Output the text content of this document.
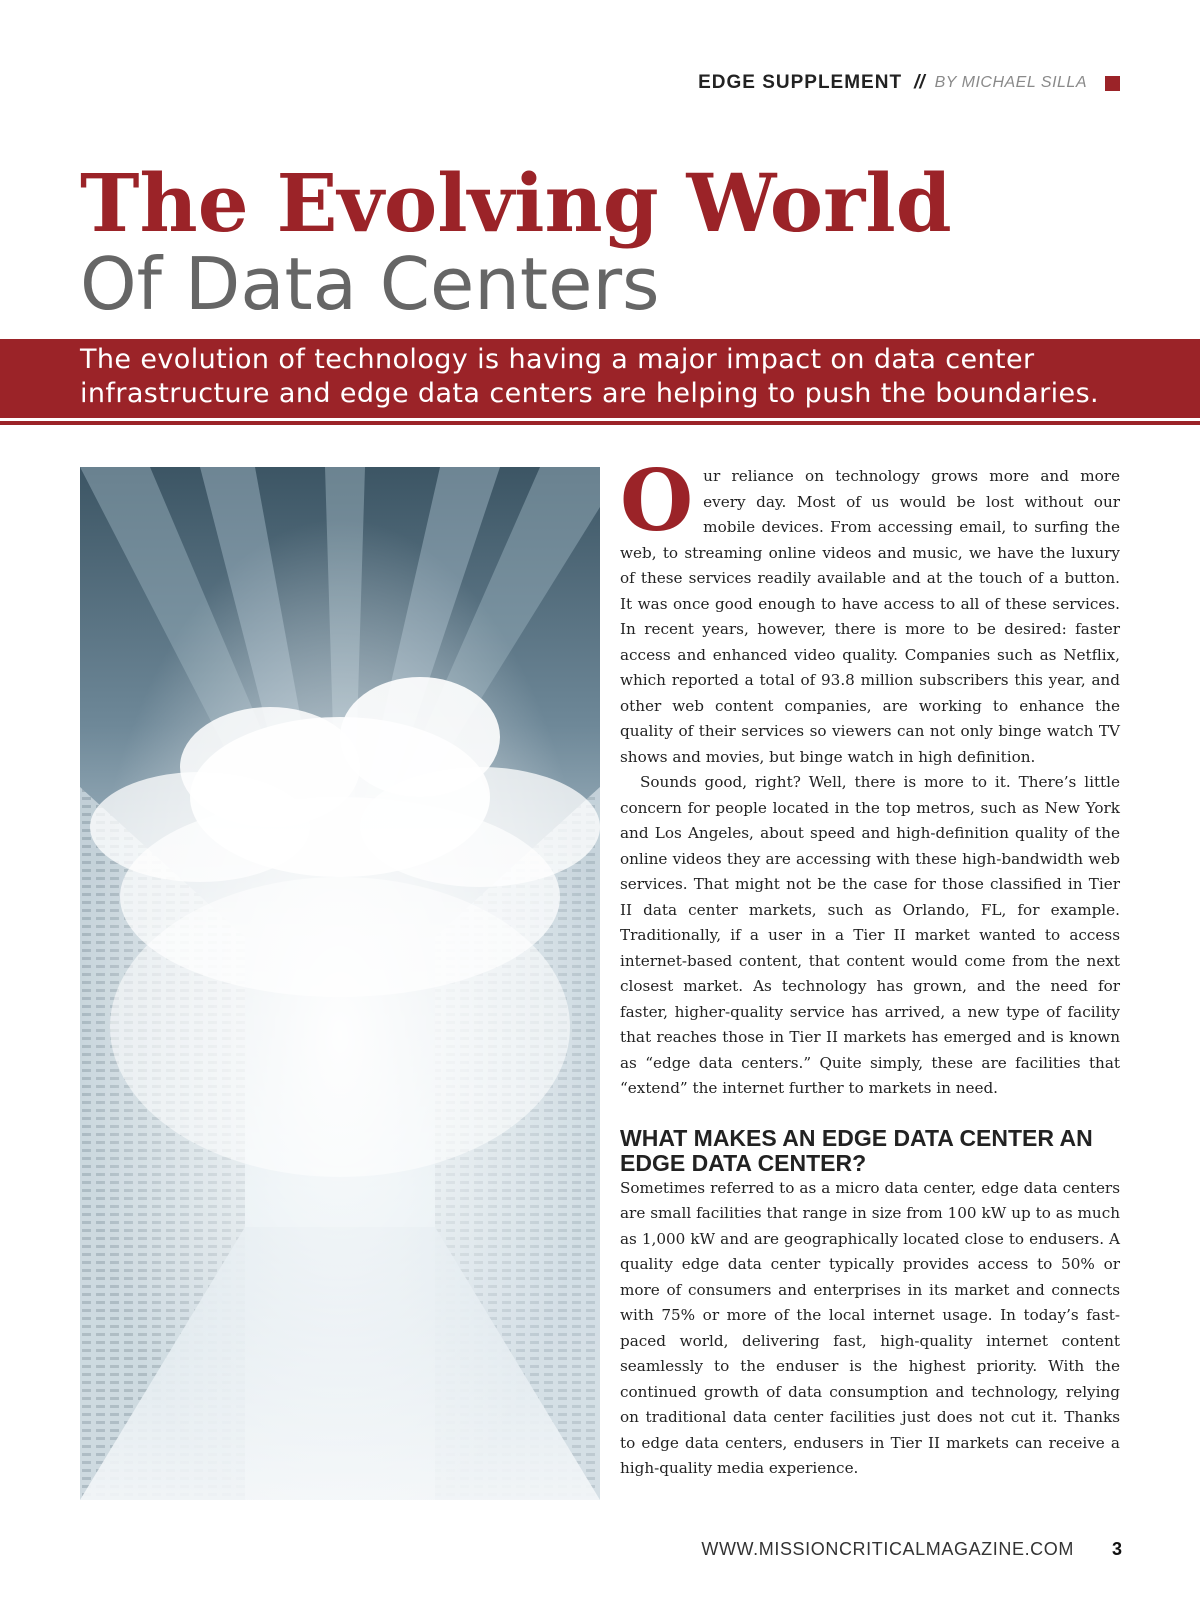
EDGE SUPPLEMENT // BY MICHAEL SILLA
The Evolving World
Of Data Centers
The evolution of technology is having a major impact on data center
infrastructure and edge data centers are helping to push the boundaries.
O ur reliance on technology grows more and more every day. Most of us would be lost without our mobile devices. From accessing email, to surfing the web, to streaming online videos and music, we have the luxury of these services readily available and at the touch of a button. It was once good enough to have access to all of these services. In recent years, however, there is more to be desired: faster access and enhanced video quality. Companies such as Netflix, which reported a total of 93.8 million subscribers this year, and other web content companies, are working to enhance the quality of their services so viewers can not only binge watch TV shows and movies, but binge watch in high definition.

Sounds good, right? Well, there is more to it. There’s little concern for people located in the top metros, such as New York and Los Angeles, about speed and high-definition quality of the online videos they are accessing with these high-bandwidth web services. That might not be the case for those classified in Tier II data center markets, such as Orlando, FL, for example. Traditionally, if a user in a Tier II market wanted to access internet-based content, that content would come from the next closest market. As technology has grown, and the need for faster, higher-quality service has arrived, a new type of facility that reaches those in Tier II markets has emerged and is known as “edge data centers.” Quite simply, these are facilities that “extend” the internet further to markets in need.

WHAT MAKES AN EDGE DATA CENTER AN EDGE DATA CENTER?

Sometimes referred to as a micro data center, edge data centers are small facilities that range in size from 100 kW up to as much as 1,000 kW and are geographically located close to endusers. A quality edge data center typically provides access to 50% or more of consumers and enterprises in its market and connects with 75% or more of the local internet usage. In today’s fast-paced world, delivering fast, high-quality internet content seamlessly to the enduser is the highest priority. With the continued growth of data consumption and technology, relying on traditional data center facilities just does not cut it. Thanks to edge data centers, endusers in Tier II markets can receive a high-quality media experience.

WWW.MISSIONCRITICALMAGAZINE.COM 3
